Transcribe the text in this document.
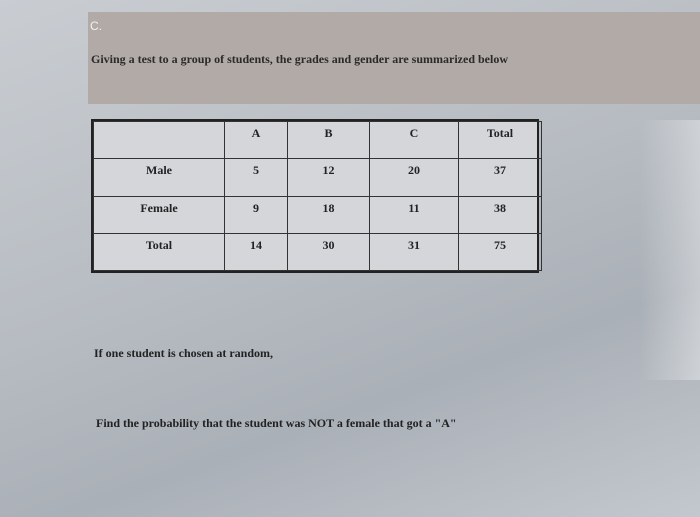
C.
Giving a test to a group of students, the grades and gender are summarized below
	A	B	C	Total
Male	5	12	20	37
Female	9	18	11	38
Total	14	30	31	75
If one student is chosen at random,
Find the probability that the student was NOT a female that got a "A"
